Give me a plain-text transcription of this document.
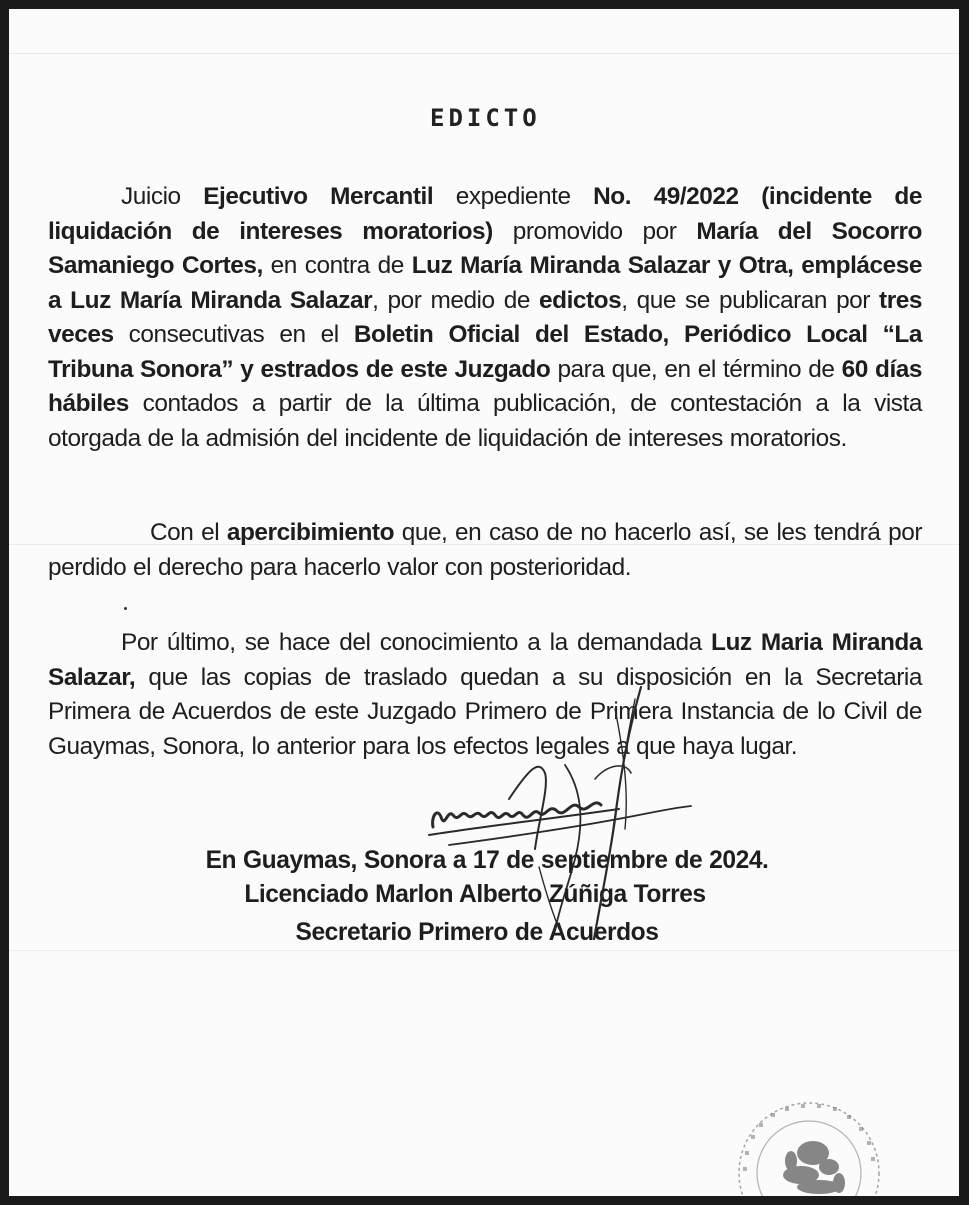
EDICTO

Juicio Ejecutivo Mercantil expediente No. 49/2022 (incidente de liquidación de intereses moratorios) promovido por María del Socorro Samaniego Cortes, en contra de Luz María Miranda Salazar y Otra, emplácese a Luz María Miranda Salazar, por medio de edictos, que se publicaran por tres veces consecutivas en el Boletin Oficial del Estado, Periódico Local “La Tribuna Sonora” y estrados de este Juzgado para que, en el término de 60 días hábiles contados a partir de la última publicación, de contestación a la vista otorgada de la admisión del incidente de liquidación de intereses moratorios.

Con el apercibimiento que, en caso de no hacerlo así, se les tendrá por perdido el derecho para hacerlo valor con posterioridad.

Por último, se hace del conocimiento a la demandada Luz Maria Miranda Salazar, que las copias de traslado quedan a su disposición en la Secretaria Primera de Acuerdos de este Juzgado Primero de Primera Instancia de lo Civil de Guaymas, Sonora, lo anterior para los efectos legales a que haya lugar.

En Guaymas, Sonora a 17 de septiembre de 2024.

Licenciado Marlon Alberto Zúñiga Torres

Secretario Primero de Acuerdos
